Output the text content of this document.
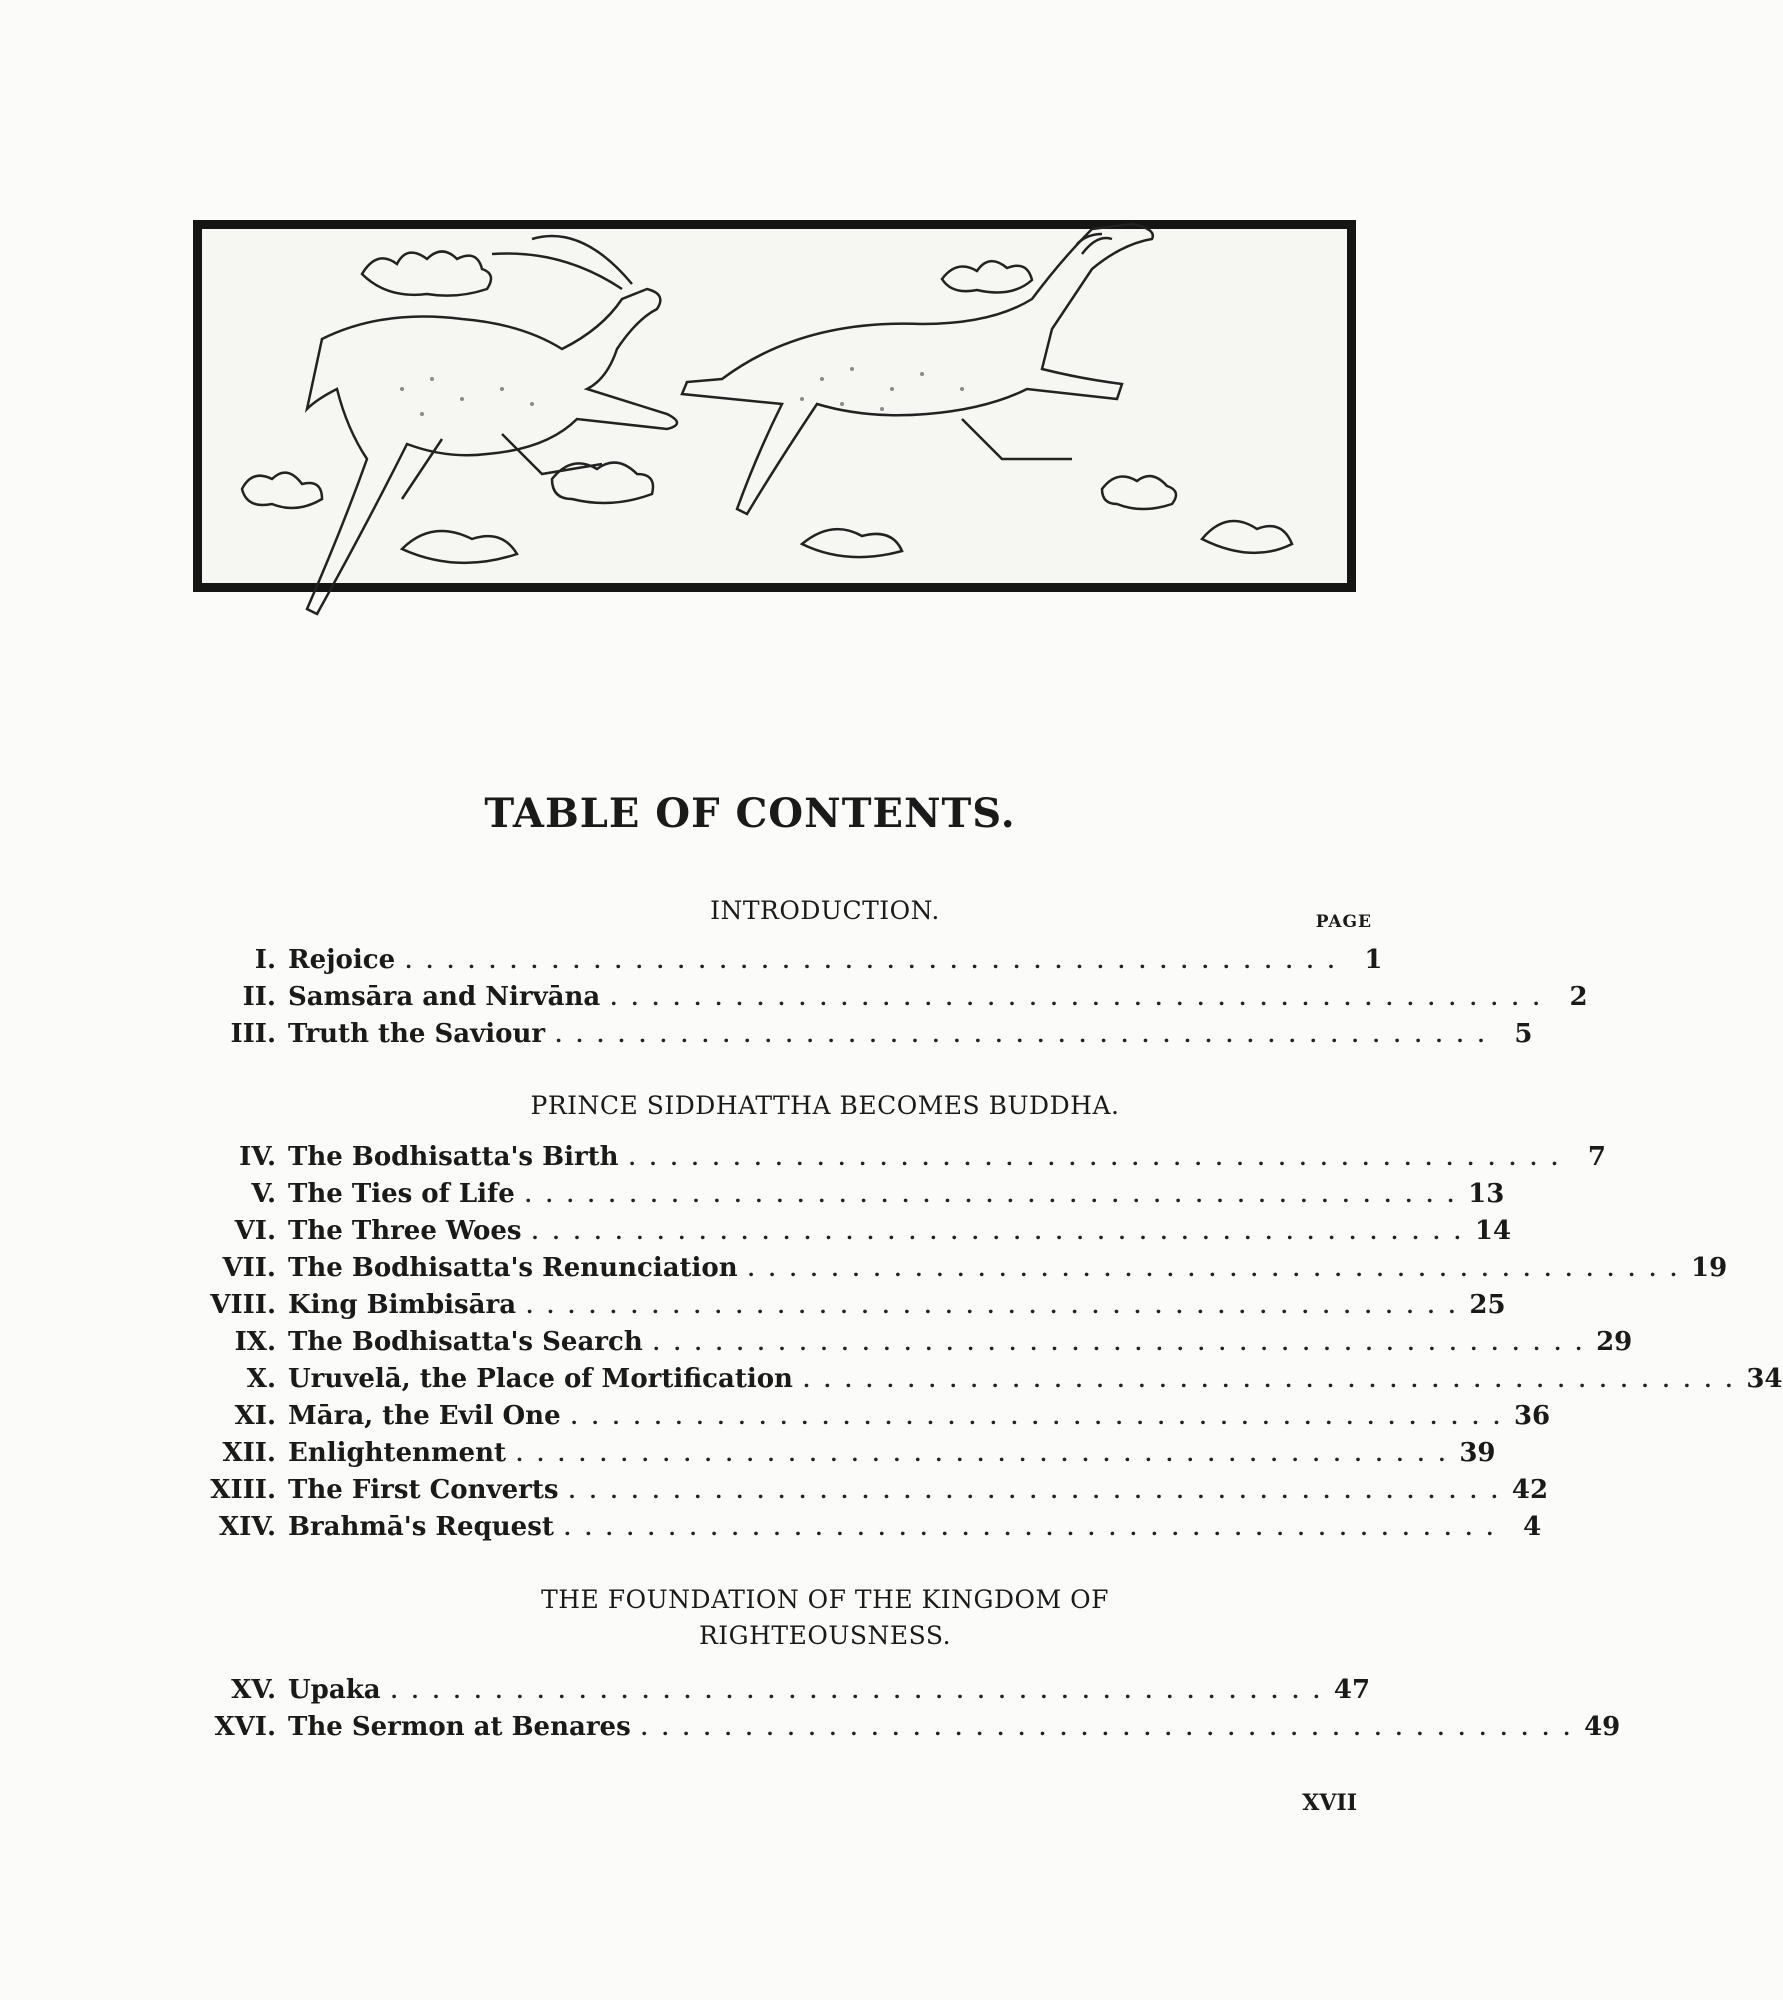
TABLE OF CONTENTS.
INTRODUCTION.	PAGE
I. Rejoice ............................................. 1
II. Samsāra and Nirvāna ............................................. 2
III. Truth the Saviour ............................................. 5
PRINCE SIDDHATTHA BECOMES BUDDHA.
IV. The Bodhisatta's Birth ............................................. 7
V. The Ties of Life ............................................. 13
VI. The Three Woes ............................................. 14
VII. The Bodhisatta's Renunciation ............................................. 19
VIII. King Bimbisāra ............................................. 25
IX. The Bodhisatta's Search ............................................. 29
X. Uruvelā, the Place of Mortification ............................................. 34
XI. Māra, the Evil One ............................................. 36
XII. Enlightenment ............................................. 39
XIII. The First Converts ............................................. 42
XIV. Brahmā's Request ............................................. 4
THE FOUNDATION OF THE KINGDOM OF
RIGHTEOUSNESS.
XV. Upaka ............................................. 47
XVI. The Sermon at Benares ............................................. 49
XVII
